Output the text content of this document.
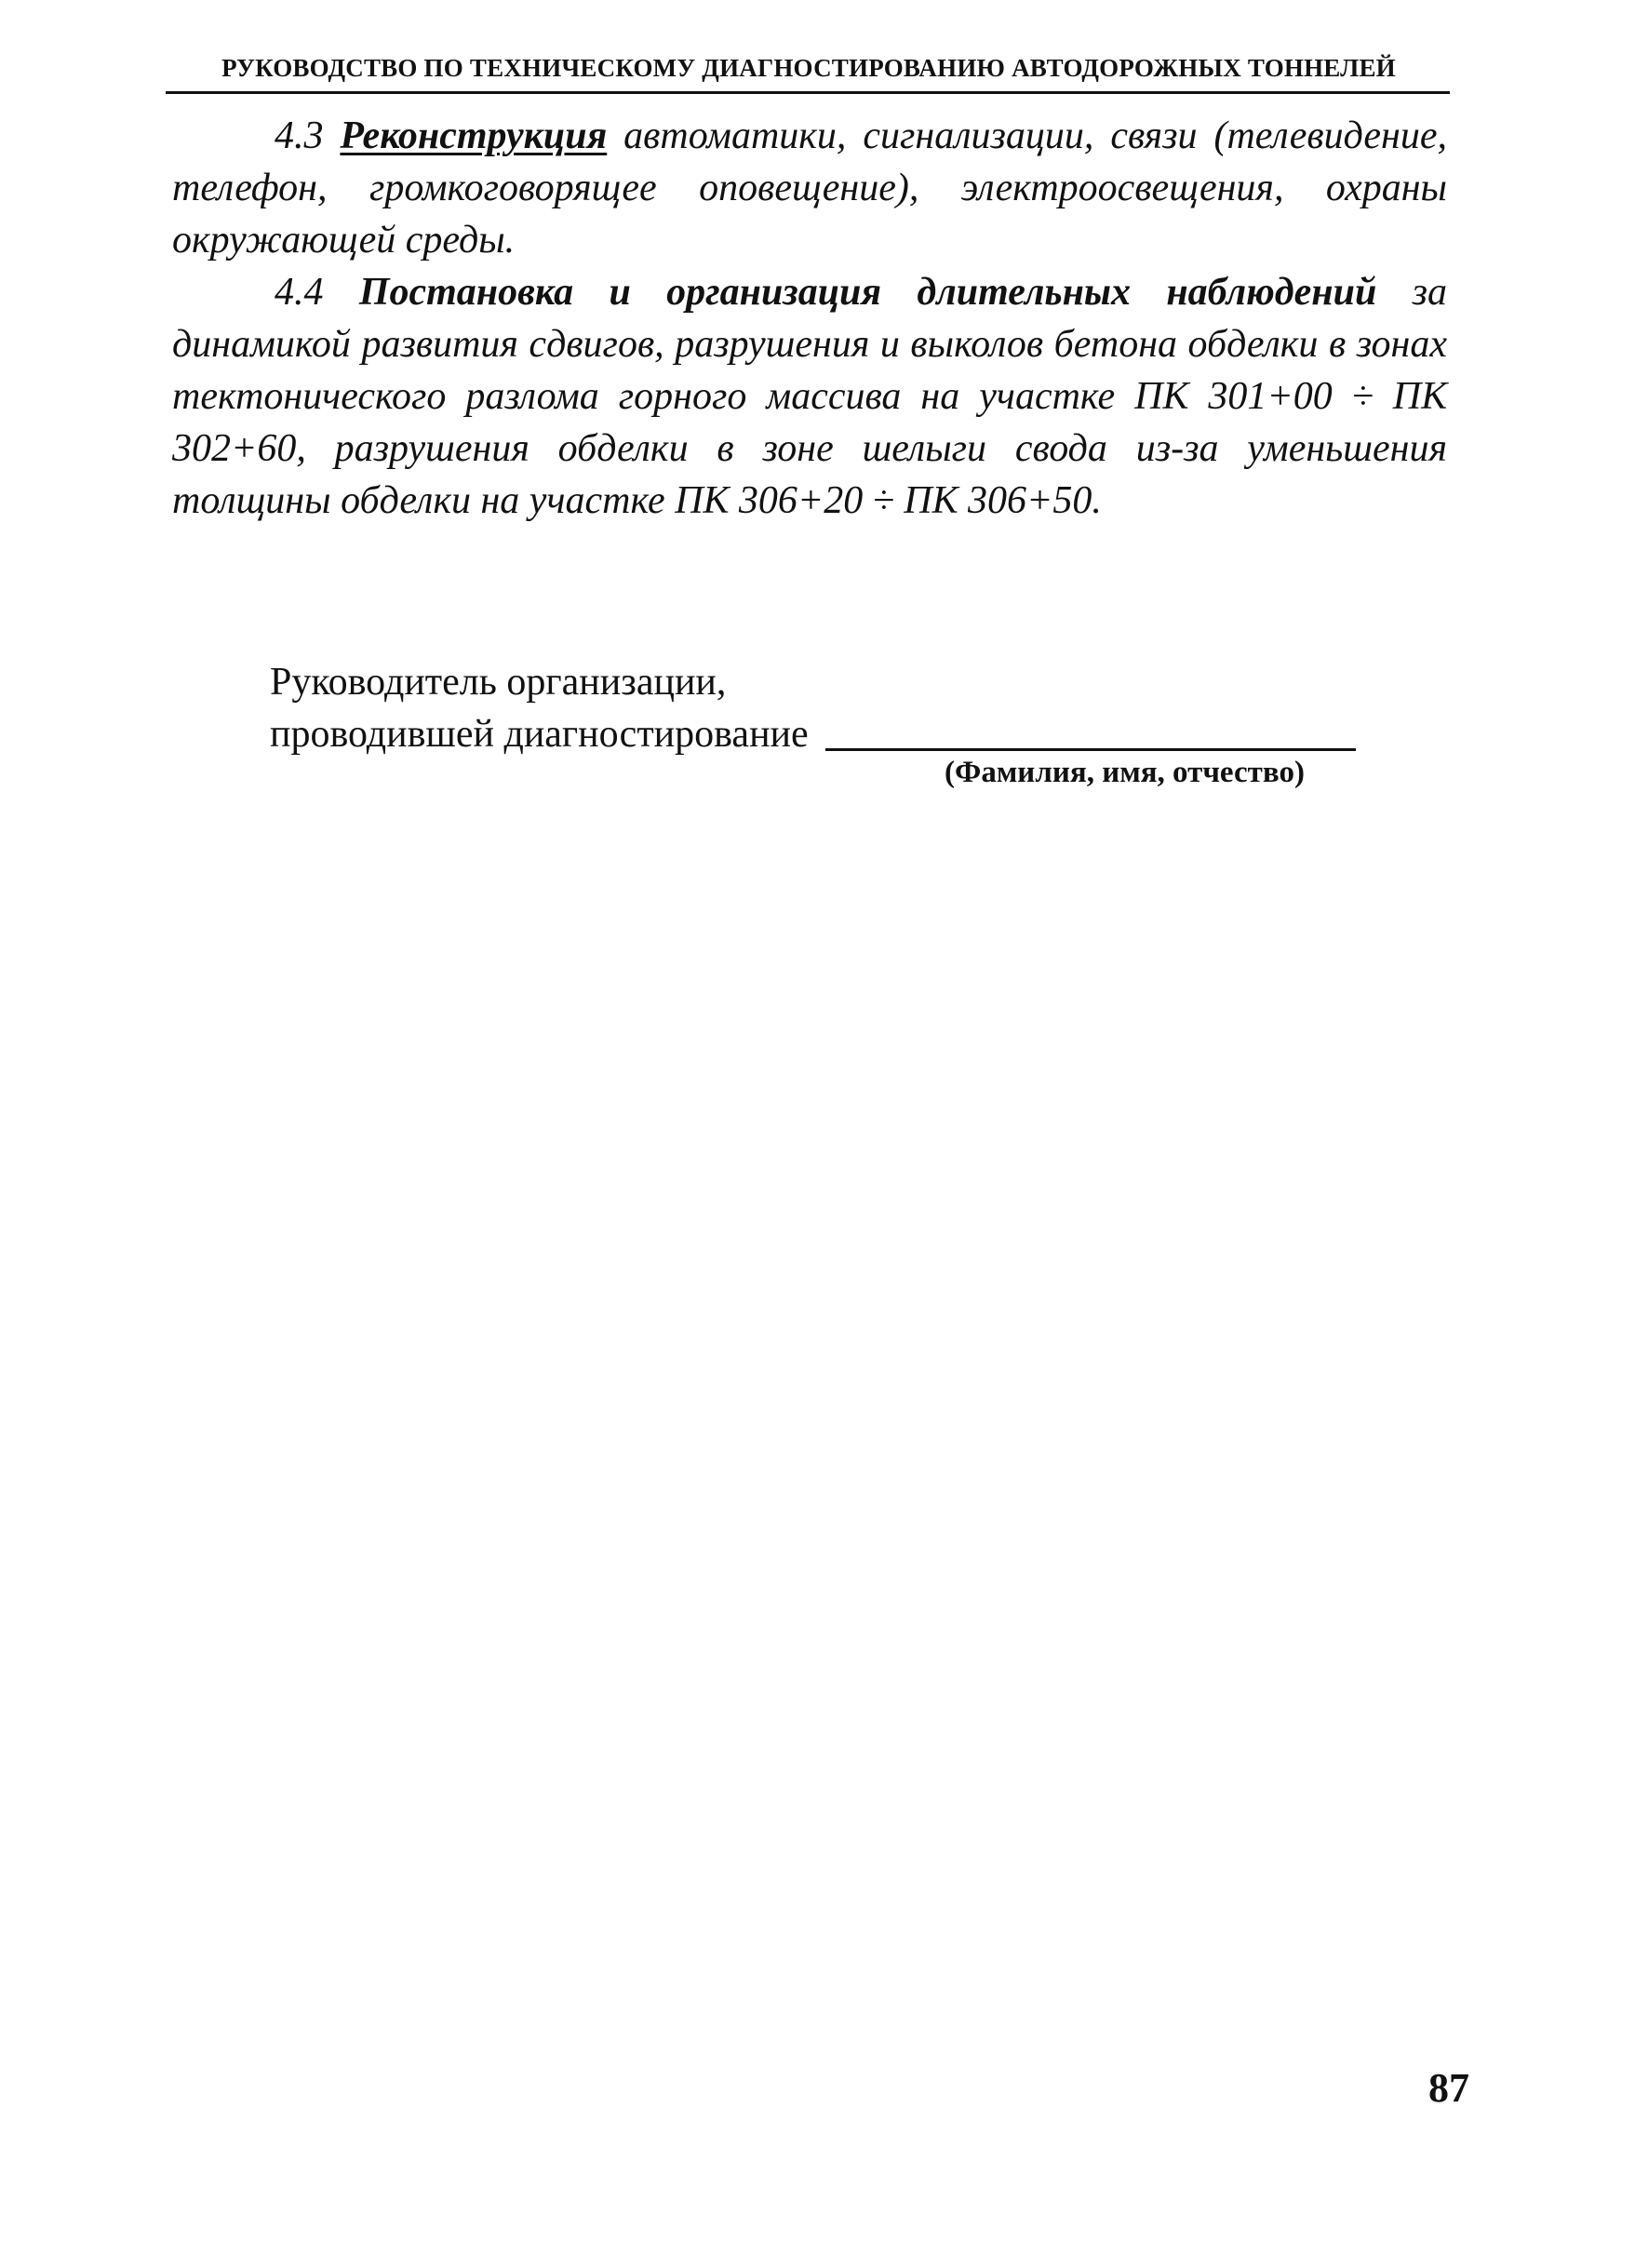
РУКОВОДСТВО ПО ТЕХНИЧЕСКОМУ ДИАГНОСТИРОВАНИЮ АВТОДОРОЖНЫХ ТОННЕЛЕЙ

4.3 Реконструкция автоматики, сигнализации, связи (телевидение, телефон, громкоговорящее оповещение), электроосвещения, охраны окружающей среды.

4.4 Постановка и организация длительных наблюдений за динамикой развития сдвигов, разрушения и выколов бетона обделки в зонах тектонического разлома горного массива на участке ПК 301+00 ÷ ПК 302+60, разрушения обделки в зоне шелыги свода из-за уменьшения толщины обделки на участке ПК 306+20 ÷ ПК 306+50.

Руководитель организации,
проводившей диагностирование
(Фамилия, имя, отчество)
87
